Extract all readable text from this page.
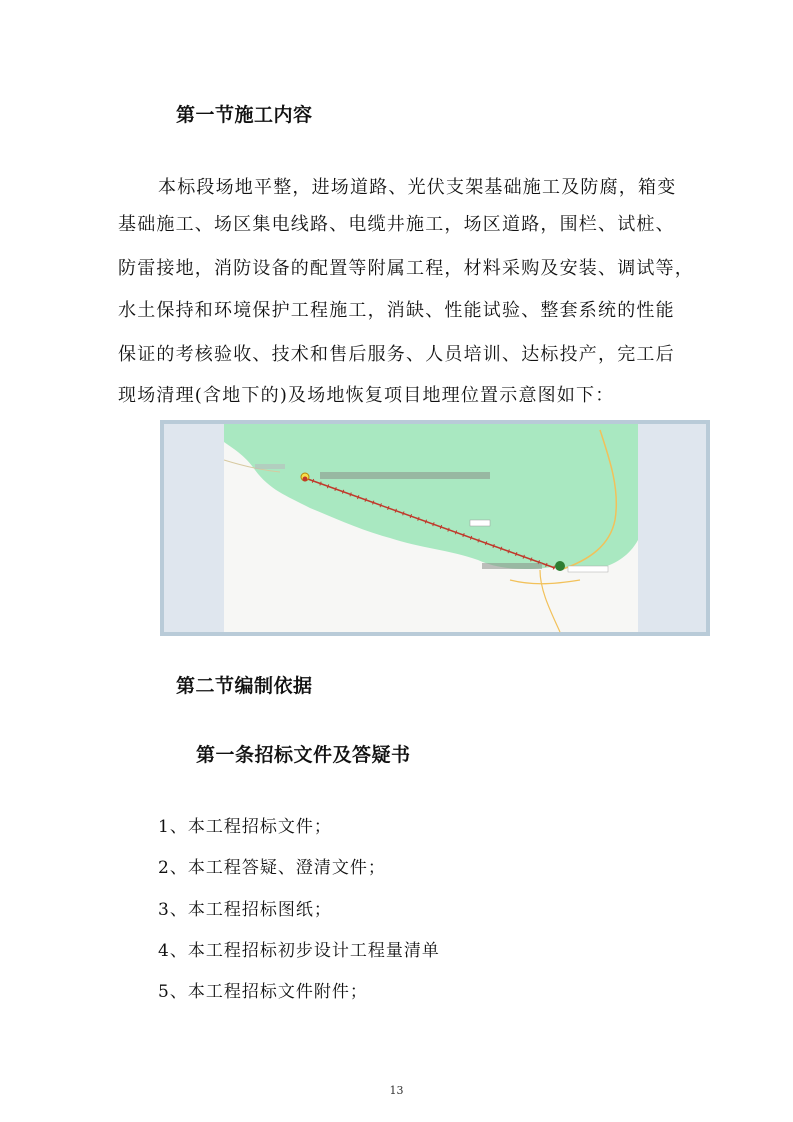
第一节施工内容
本标段场地平整，进场道路、光伏支架基础施工及防腐，箱变
基础施工、场区集电线路、电缆井施工，场区道路，围栏、试桩、
防雷接地，消防设备的配置等附属工程，材料采购及安装、调试等，
水土保持和环境保护工程施工，消缺、性能试验、整套系统的性能
保证的考核验收、技术和售后服务、人员培训、达标投产，完工后
现场清理(含地下的)及场地恢复项目地理位置示意图如下：
第二节编制依据
第一条招标文件及答疑书
1、本工程招标文件；
2、本工程答疑、澄清文件；
3、本工程招标图纸；
4、本工程招标初步设计工程量清单
5、本工程招标文件附件；
13
